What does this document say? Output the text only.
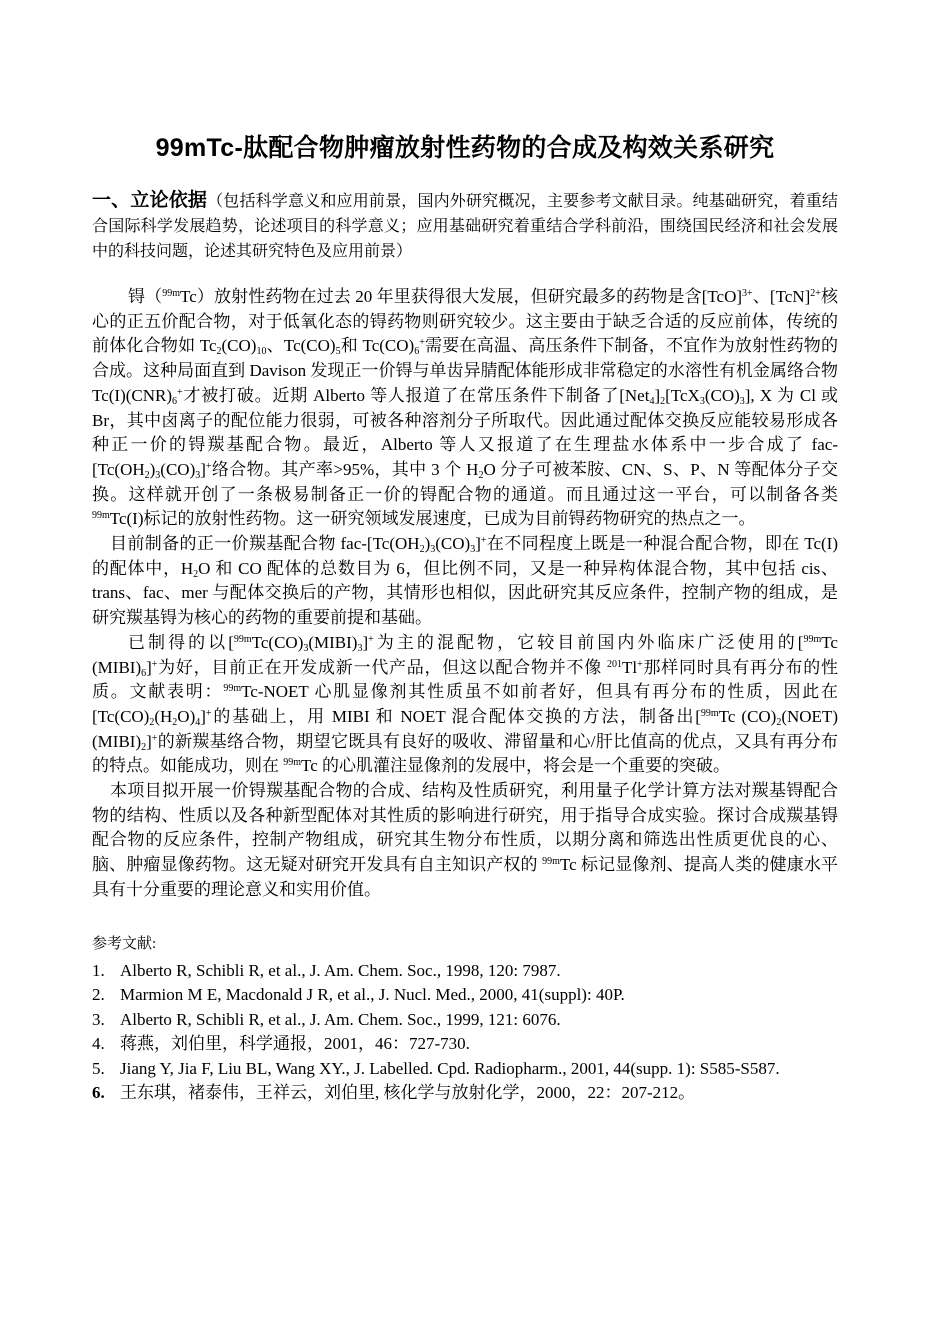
99mTc-肽配合物肿瘤放射性药物的合成及构效关系研究

一、立论依据（包括科学意义和应用前景，国内外研究概况，主要参考文献目录。纯基础研究，着重结合国际科学发展趋势，论述项目的科学意义；应用基础研究着重结合学科前沿，围绕国民经济和社会发展中的科技问题，论述其研究特色及应用前景）

锝（$^{99m}$Tc）放射性药物在过去 20 年里获得很大发展，但研究最多的药物是含[TcO]$^{3+}$、[TcN]$^{2+}$核心的正五价配合物，对于低氧化态的锝药物则研究较少。这主要由于缺乏合适的反应前体，传统的前体化合物如 $Tc_2(CO)_{10}$、$Tc(CO)_5$和 $Tc(CO)_6^+$需要在高温、高压条件下制备，不宜作为放射性药物的合成。这种局面直到 Davison 发现正一价锝与单齿异腈配体能形成非常稳定的水溶性有机金属络合物 $Tc(I)(CNR)_6^+$才被打破。近期 Alberto 等人报道了在常压条件下制备了$[Net_4]_2[TcX_3(CO)_3]$, X 为 Cl 或 Br，其中卤离子的配位能力很弱，可被各种溶剂分子所取代。因此通过配体交换反应能较易形成各种正一价的锝羰基配合物。最近，Alberto 等人又报道了在生理盐水体系中一步合成了 fac-$[Tc(OH_2)_3(CO)_3]^+$络合物。其产率>95%，其中 3 个 $H_2O$ 分子可被苯胺、CN、S、P、N 等配体分子交换。这样就开创了一条极易制备正一价的锝配合物的通道。而且通过这一平台，可以制备各类 $^{99m}$Tc(I)标记的放射性药物。这一研究领域发展速度，已成为目前锝药物研究的热点之一。

目前制备的正一价羰基配合物 fac-$[Tc(OH_2)_3(CO)_3]^+$在不同程度上既是一种混合配合物，即在 Tc(I)的配体中，$H_2O$ 和 CO 配体的总数目为 6，但比例不同，又是一种异构体混合物，其中包括 cis、trans、fac、mer 与配体交换后的产物，其情形也相似，因此研究其反应条件，控制产物的组成，是研究羰基锝为核心的药物的重要前提和基础。

已制得的以$[^{99m}Tc(CO)_3(MIBI)_3]^+$为主的混配物，它较目前国内外临床广泛使用的[$^{99m}$Tc $(MIBI)_6]^+$为好，目前正在开发成新一代产品，但这以配合物并不像 $^{201}$Tl+那样同时具有再分布的性质。文献表明：$^{99m}$Tc-NOET 心肌显像剂其性质虽不如前者好，但具有再分布的性质，因此在$[Tc(CO)_2(H_2O)_4]^+$的基础上，用 MIBI 和 NOET 混合配体交换的方法，制备出[$^{99m}$Tc $(CO)_2(NOET)$ $(MIBI)_2]^+$的新羰基络合物，期望它既具有良好的吸收、滞留量和心/肝比值高的优点，又具有再分布的特点。如能成功，则在 $^{99m}$Tc 的心肌灌注显像剂的发展中，将会是一个重要的突破。

本项目拟开展一价锝羰基配合物的合成、结构及性质研究，利用量子化学计算方法对羰基锝配合物的结构、性质以及各种新型配体对其性质的影响进行研究，用于指导合成实验。探讨合成羰基锝配合物的反应条件，控制产物组成，研究其生物分布性质，以期分离和筛选出性质更优良的心、脑、肿瘤显像药物。这无疑对研究开发具有自主知识产权的 $^{99m}$Tc 标记显像剂、提高人类的健康水平具有十分重要的理论意义和实用价值。

参考文献:
1. Alberto R, Schibli R, et al., J. Am. Chem. Soc., 1998, 120: 7987.
2. Marmion M E, Macdonald J R, et al., J. Nucl. Med., 2000, 41(suppl): 40P.
3. Alberto R, Schibli R, et al., J. Am. Chem. Soc., 1999, 121: 6076.
4. 蒋燕，刘伯里，科学通报，2001，46：727-730.
5. Jiang Y, Jia F, Liu BL, Wang XY., J. Labelled. Cpd. Radiopharm., 2001, 44(supp. 1): S585-S587.
6. 王东琪，褚泰伟，王祥云，刘伯里, 核化学与放射化学，2000，22：207-212。
